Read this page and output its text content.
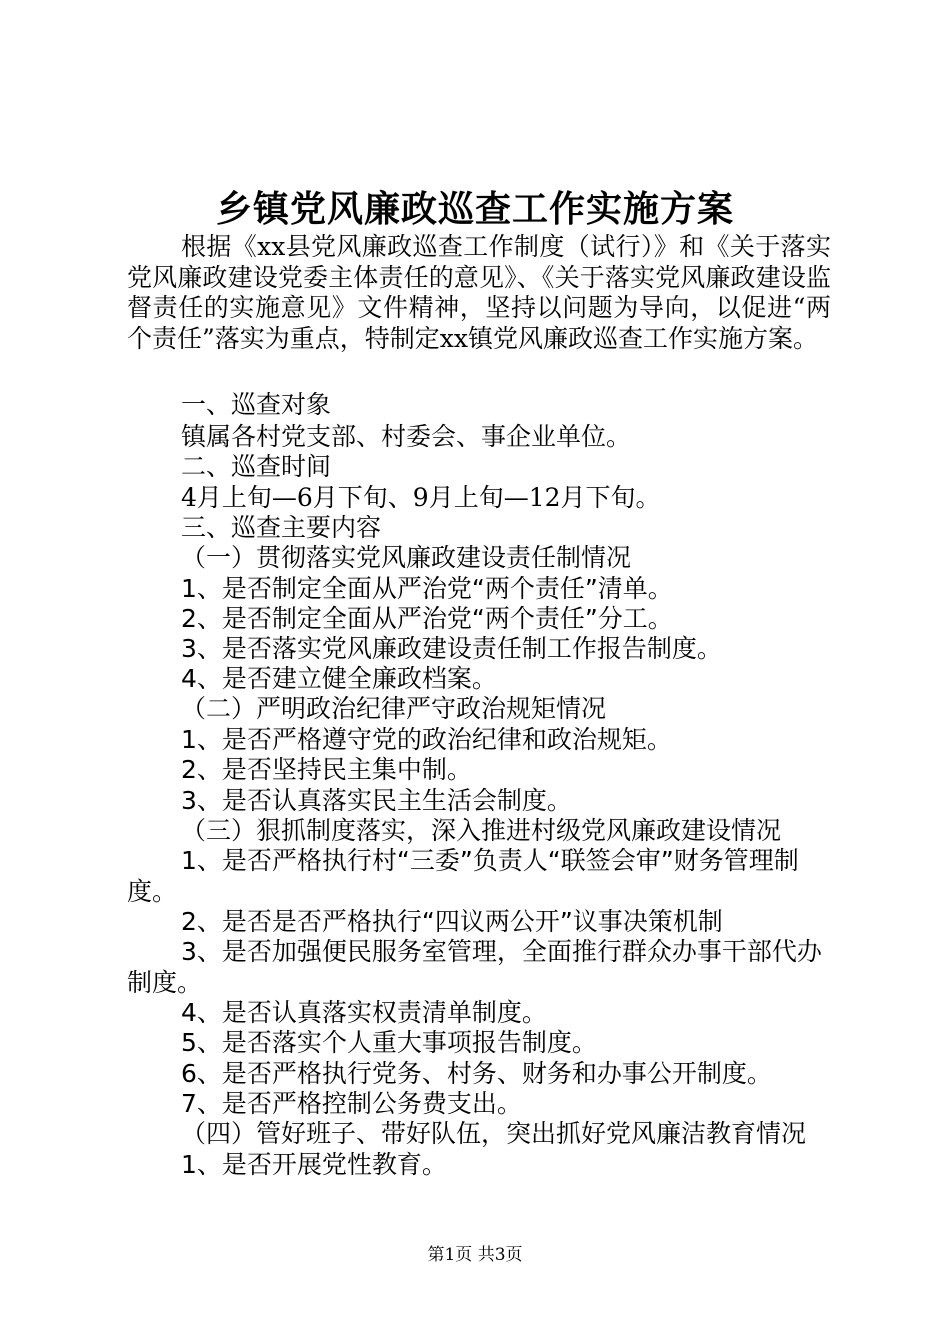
乡镇党风廉政巡查工作实施方案
根据《xx县党风廉政巡查工作制度（试行）》和《关于落实党风廉政建设党委主体责任的意见》、《关于落实党风廉政建设监督责任的实施意见》文件精神，坚持以问题为导向，以促进“两个责任”落实为重点，特制定xx镇党风廉政巡查工作实施方案。
一、巡查对象
镇属各村党支部、村委会、事企业单位。
二、巡查时间
4月上旬—6月下旬、9月上旬—12月下旬。
三、巡查主要内容
（一）贯彻落实党风廉政建设责任制情况
1、是否制定全面从严治党“两个责任”清单。
2、是否制定全面从严治党“两个责任”分工。
3、是否落实党风廉政建设责任制工作报告制度。
4、是否建立健全廉政档案。
（二）严明政治纪律严守政治规矩情况
1、是否严格遵守党的政治纪律和政治规矩。
2、是否坚持民主集中制。
3、是否认真落实民主生活会制度。
（三）狠抓制度落实，深入推进村级党风廉政建设情况
1、是否严格执行村“三委”负责人“联签会审”财务管理制度。
2、是否是否严格执行“四议两公开”议事决策机制
3、是否加强便民服务室管理，全面推行群众办事干部代办制度。
4、是否认真落实权责清单制度。
5、是否落实个人重大事项报告制度。
6、是否严格执行党务、村务、财务和办事公开制度。
7、是否严格控制公务费支出。
（四）管好班子、带好队伍，突出抓好党风廉洁教育情况
1、是否开展党性教育。
第1页 共3页
